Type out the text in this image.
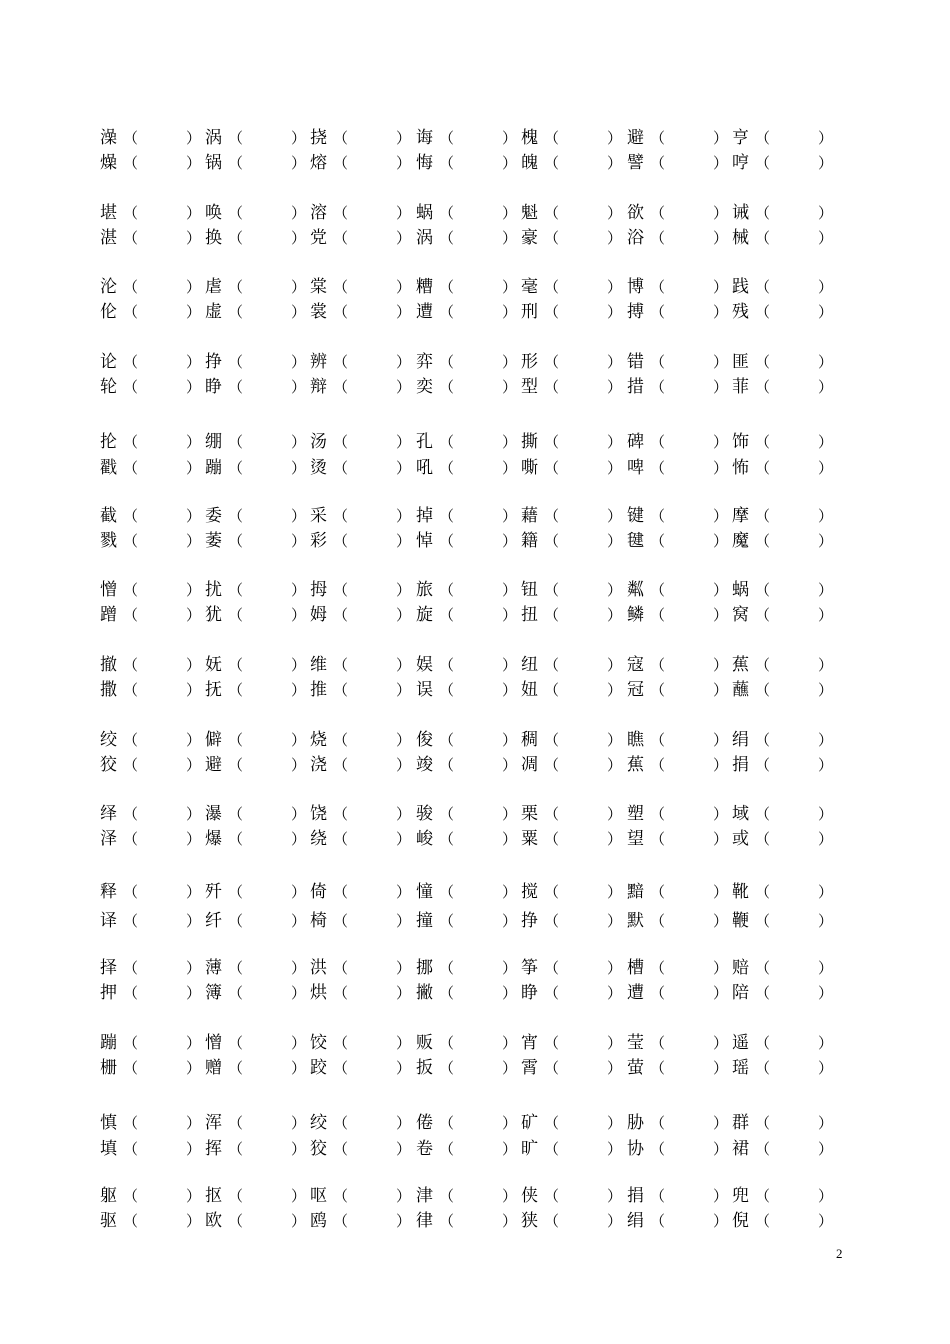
澡 （	） 涡 （	） 挠 （	） 诲 （	） 槐 （	） 避 （	） 亨 （	）
燥 （	） 锅 （	） 熔 （	） 悔 （	） 魄 （	） 譬 （	） 哼 （	）
堪 （	） 唤 （	） 溶 （	） 蜗 （	） 魁 （	） 欲 （	） 诫 （	）
湛 （	） 换 （	） 党 （	） 涡 （	） 豪 （	） 浴 （	） 械 （	）
沦 （	） 虐 （	） 棠 （	） 糟 （	） 毫 （	） 博 （	） 践 （	）
伦 （	） 虚 （	） 裳 （	） 遭 （	） 刑 （	） 搏 （	） 残 （	）
论 （	） 挣 （	） 辨 （	） 弈 （	） 形 （	） 错 （	） 匪 （	）
轮 （	） 睁 （	） 辩 （	） 奕 （	） 型 （	） 措 （	） 菲 （	）
抡 （	） 绷 （	） 汤 （	） 孔 （	） 撕 （	） 碑 （	） 饰 （	）
戳 （	） 蹦 （	） 烫 （	） 吼 （	） 嘶 （	） 啤 （	） 怖 （	）
截 （	） 委 （	） 采 （	） 掉 （	） 藉 （	） 键 （	） 摩 （	）
戮 （	） 萎 （	） 彩 （	） 悼 （	） 籍 （	） 毽 （	） 魔 （	）
憎 （	） 扰 （	） 拇 （	） 旅 （	） 钮 （	） 粼 （	） 蜗 （	）
蹭 （	） 犹 （	） 姆 （	） 旋 （	） 扭 （	） 鳞 （	） 窝 （	）
撤 （	） 妩 （	） 维 （	） 娱 （	） 纽 （	） 寇 （	） 蕉 （	）
撒 （	） 抚 （	） 推 （	） 误 （	） 妞 （	） 冠 （	） 蘸 （	）
绞 （	） 僻 （	） 烧 （	） 俊 （	） 稠 （	） 瞧 （	） 绢 （	）
狡 （	） 避 （	） 浇 （	） 竣 （	） 凋 （	） 蕉 （	） 捐 （	）
绎 （	） 瀑 （	） 饶 （	） 骏 （	） 栗 （	） 塑 （	） 域 （	）
泽 （	） 爆 （	） 绕 （	） 峻 （	） 粟 （	） 望 （	） 或 （	）
释 （	） 歼 （	） 倚 （	） 憧 （	） 搅 （	） 黯 （	） 靴 （	）
译 （	） 纤 （	） 椅 （	） 撞 （	） 挣 （	） 默 （	） 鞭 （	）
择 （	） 薄 （	） 洪 （	） 挪 （	） 筝 （	） 槽 （	） 赔 （	）
押 （	） 簿 （	） 烘 （	） 撇 （	） 睁 （	） 遭 （	） 陪 （	）
蹦 （	） 憎 （	） 饺 （	） 贩 （	） 宵 （	） 莹 （	） 遥 （	）
栅 （	） 赠 （	） 跤 （	） 扳 （	） 霄 （	） 萤 （	） 瑶 （	）
慎 （	） 浑 （	） 绞 （	） 倦 （	） 矿 （	） 胁 （	） 群 （	）
填 （	） 挥 （	） 狡 （	） 卷 （	） 旷 （	） 协 （	） 裙 （	）
躯 （	） 抠 （	） 呕 （	） 津 （	） 侠 （	） 捐 （	） 兜 （	）
驱 （	） 欧 （	） 鸥 （	） 律 （	） 狭 （	） 绢 （	） 倪 （	）
2
